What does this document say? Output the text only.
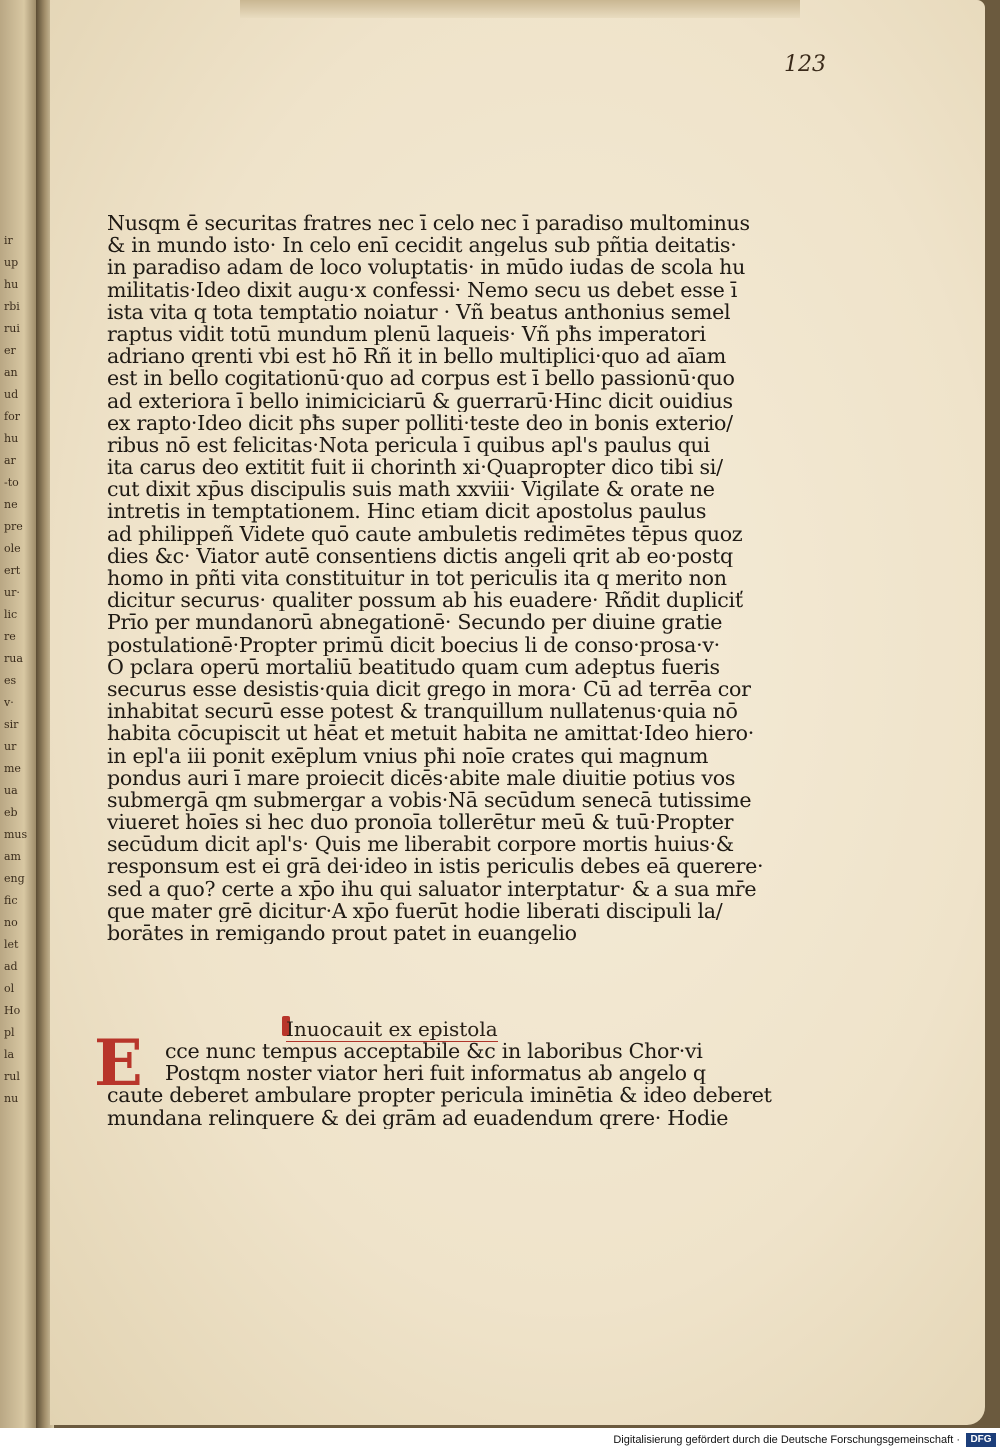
ir
up
hu
rbi
rui
er
an
ud
for
hu
ar
-to
ne
pre
ole
ert
ur·
lic
re
rua
es
v·
sir
ur
me
ua
eb
mus
am
eng
fic
no
let
ad
ol
Ho
pl
la
rul
nu
123
Nusqm ē securitas fratres nec ī celo nec ī paradiso multominus
& in mundo isto· In celo enī cecidit angelus sub pñtia deitatis·
in paradiso adam de loco voluptatis· in mūdo iudas de scola hu
militatis·Ideo dixit augu·x confessi· Nemo secu us debet esse ī
ista vita q tota temptatio noiatur · Vñ beatus anthonius semel
raptus vidit totū mundum plenū laqueis· Vñ pħs imperatori
adriano qrenti vbi est hō Rñ it in bello multiplici·quo ad aīam
est in bello cogitationū·quo ad corpus est ī bello passionū·quo
ad exteriora ī bello inimiciciarū & guerrarū·Hinc dicit ouidius
ex rapto·Ideo dicit pħs super polliti·teste deo in bonis exterio/
ribus nō est felicitas·Nota pericula ī quibus apl's paulus qui
ita carus deo extitit fuit ii chorinth xi·Quapropter dico tibi si/
cut dixit xp̄us discipulis suis math xxviii· Vigilate & orate ne
intretis in temptationem. Hinc etiam dicit apostolus paulus
ad philippeñ Videte quō caute ambuletis redimētes tēpus quoz
dies &c· Viator autē consentiens dictis angeli qrit ab eo·postq
homo in pñti vita constituitur in tot periculis ita q merito non
dicitur securus· qualiter possum ab his euadere· Rñdit dupliciť
Prīo per mundanorū abnegationē· Secundo per diuine gratie
postulationē·Propter primū dicit boecius li de conso·prosa·v·
O pclara operū mortaliū beatitudo quam cum adeptus fueris
securus esse desistis·quia dicit grego in mora· Cū ad terrēa cor
inhabitat securū esse potest & tranquillum nullatenus·quia nō
habita cōcupiscit ut hēat et metuit habita ne amittat·Ideo hiero·
in epl'a iii ponit exēplum vnius pħi noīe crates qui magnum
pondus auri ī mare proiecit dicēs·abite male diuitie potius vos
submergā qm submergar a vobis·Nā secūdum senecā tutissime
viueret hoīes si hec duo pronoīa tollerētur meū & tuū·Propter
secūdum dicit apl's· Quis me liberabit corpore mortis huius·&
responsum est ei grā dei·ideo in istis periculis debes eā querere·
sed a quo? certe a xp̄o ihu qui saluator interptatur· & a sua mr̄e
que mater grē dicitur·A xp̄o fuerūt hodie liberati discipuli la/
borātes in remigando prout patet in euangelio
Inuocauit ex epistola
E	cce nunc tempus acceptabile &c in laboribus Chor·vi
Postqm noster viator heri fuit informatus ab angelo q
caute deberet ambulare propter pericula iminētia & ideo deberet
mundana relinquere & dei grām ad euadendum qrere· Hodie
Digitalisierung gefördert durch die Deutsche Forschungsgemeinschaft ·	DFG
